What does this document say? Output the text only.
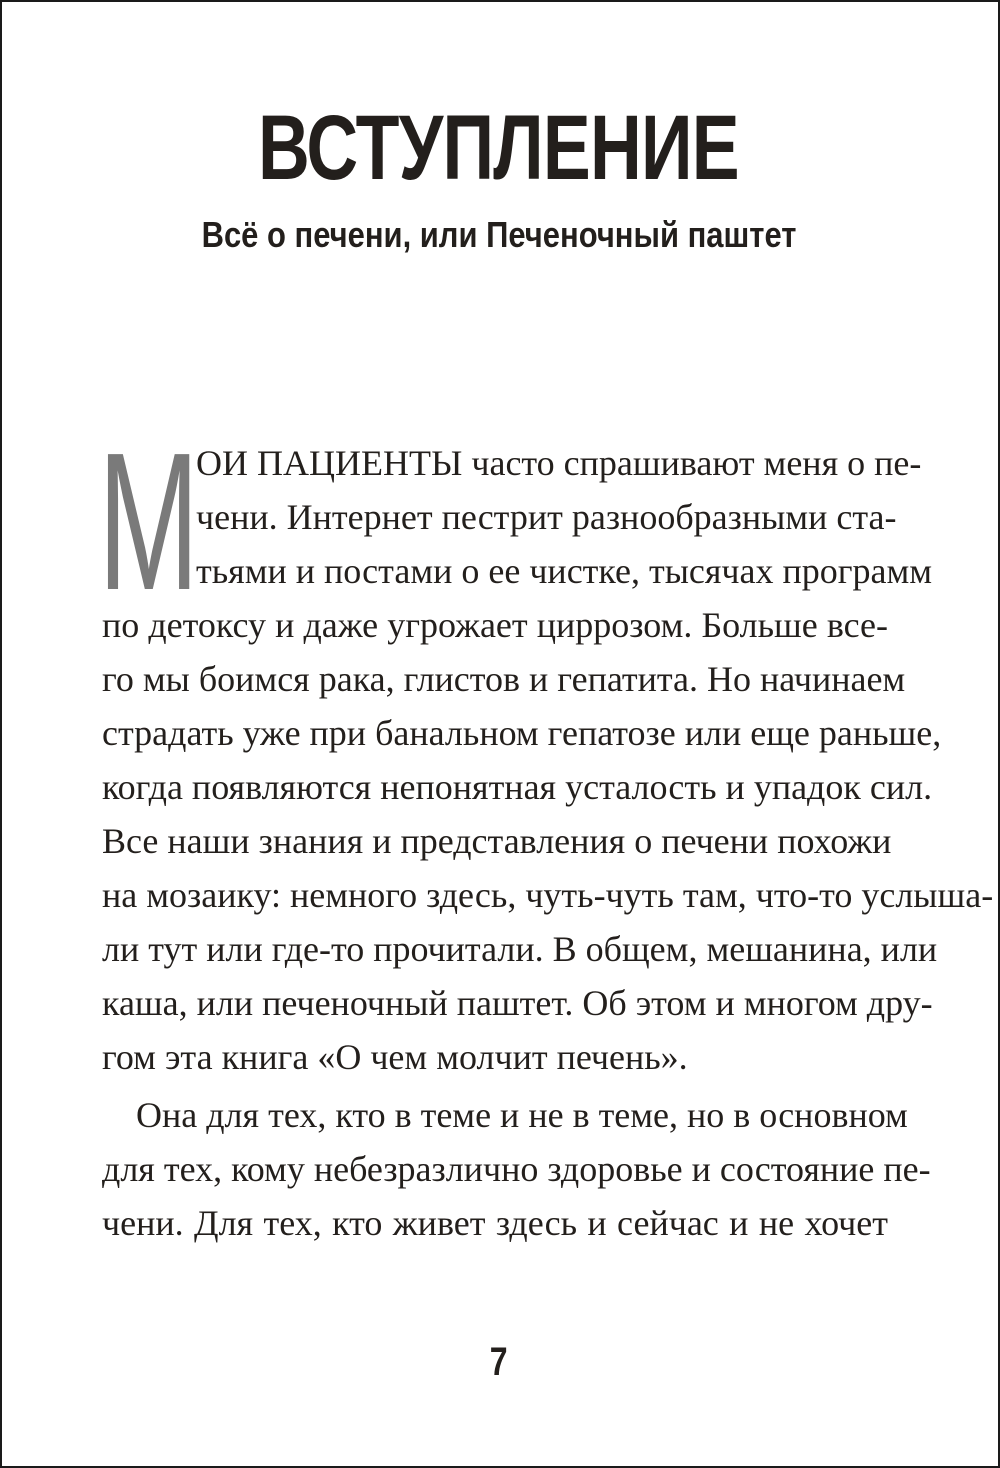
ВСТУПЛЕНИЕ
Всё о печени, или Печеночный паштет
М
ОИ ПАЦИЕНТЫ часто спрашивают меня о пе-
чени. Интернет пестрит разнообразными ста-
тьями и постами о ее чистке, тысячах программ
по детоксу и даже угрожает циррозом. Больше все-
го мы боимся рака, глистов и гепатита. Но начинаем
страдать уже при банальном гепатозе или еще раньше,
когда появляются непонятная усталость и упадок сил.
Все наши знания и представления о печени похожи
на мозаику: немного здесь, чуть-чуть там, что-то услыша-
ли тут или где-то прочитали. В общем, мешанина, или
каша, или печеночный паштет. Об этом и многом дру-
гом эта книга «О чем молчит печень».
Она для тех, кто в теме и не в теме, но в основном
для тех, кому небезразлично здоровье и состояние пе-
чени. Для тех, кто живет здесь и сейчас и не хочет
7
